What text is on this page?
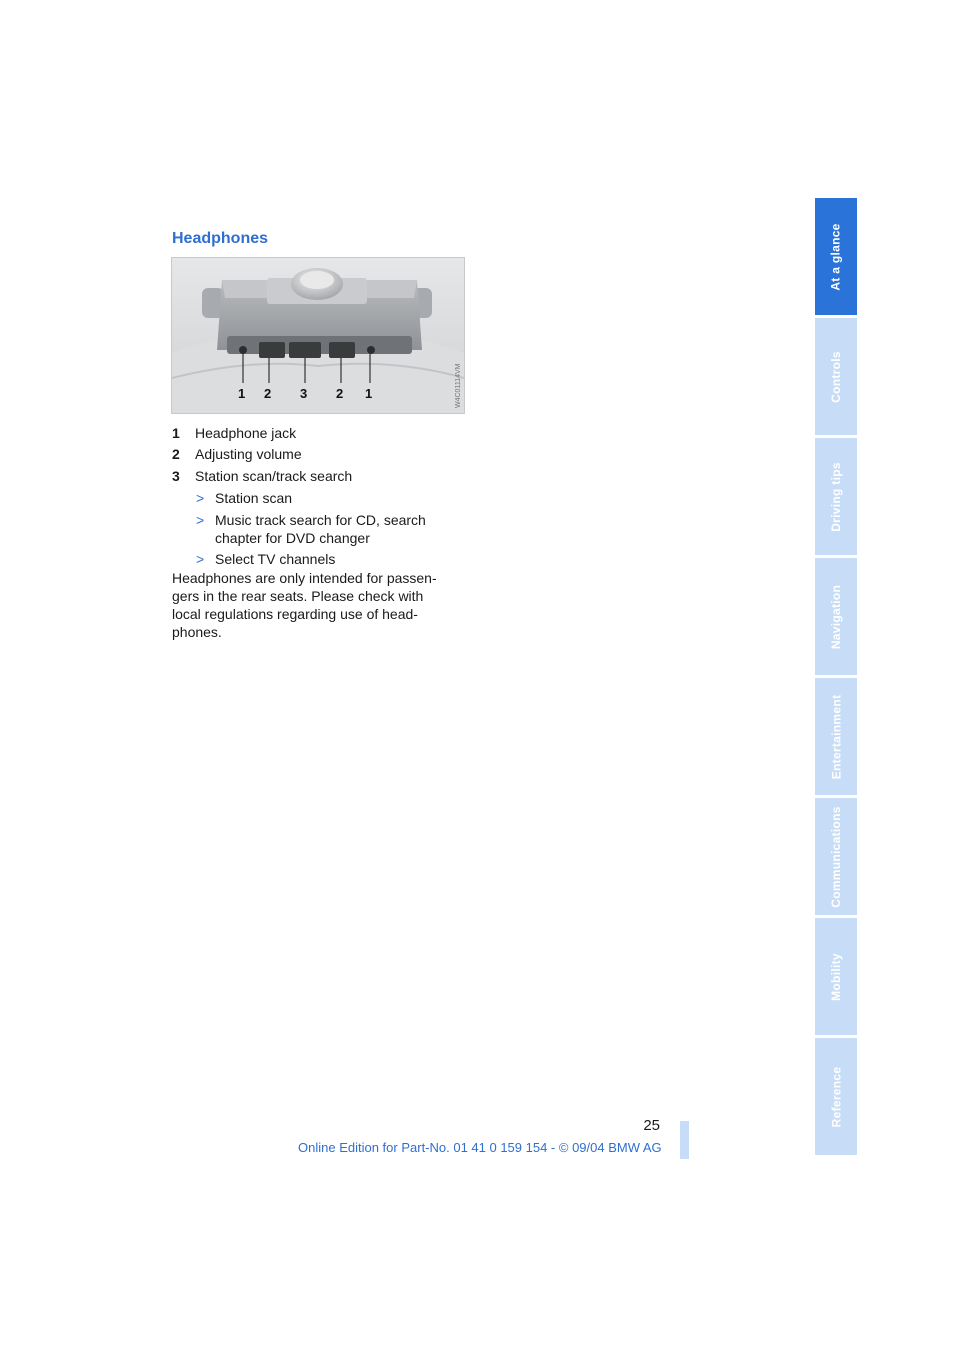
Headphones
1 2 3 2 1	W4C01114VM
1 Headphone jack
2 Adjusting volume
3 Station scan/track search
> Station scan
> Music track search for CD, search
chapter for DVD changer
> Select TV channels
Headphones are only intended for passen-
gers in the rear seats. Please check with
local regulations regarding use of head-
phones.

25

Online Edition for Part-No. 01 41 0 159 154 - © 09/04 BMW AG
At a glance
Controls
Driving tips
Navigation
Entertainment
Communications
Mobility
Reference
